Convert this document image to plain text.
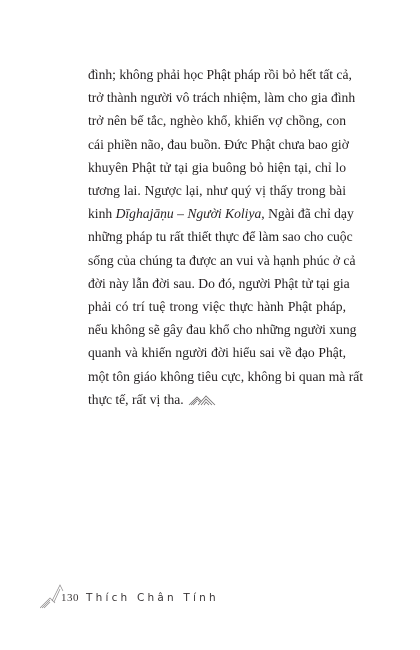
đình; không phải học Phật pháp rồi bỏ hết tất cả,
trở thành người vô trách nhiệm, làm cho gia đình
trở nên bế tắc, nghèo khổ, khiến vợ chồng, con
cái phiền não, đau buồn. Đức Phật chưa bao giờ
khuyên Phật tử tại gia buông bỏ hiện tại, chỉ lo
tương lai. Ngược lại, như quý vị thấy trong bài
kinh Dīghajāṇu – Người Koliya, Ngài đã chỉ dạy
những pháp tu rất thiết thực để làm sao cho cuộc
sống của chúng ta được an vui và hạnh phúc ở cả
đời này lẫn đời sau. Do đó, người Phật tử tại gia
phải có trí tuệ trong việc thực hành Phật pháp,
nếu không sẽ gây đau khổ cho những người xung
quanh và khiến người đời hiểu sai về đạo Phật,
một tôn giáo không tiêu cực, không bi quan mà rất
thực tế, rất vị tha.
130 Thích Chân Tính
